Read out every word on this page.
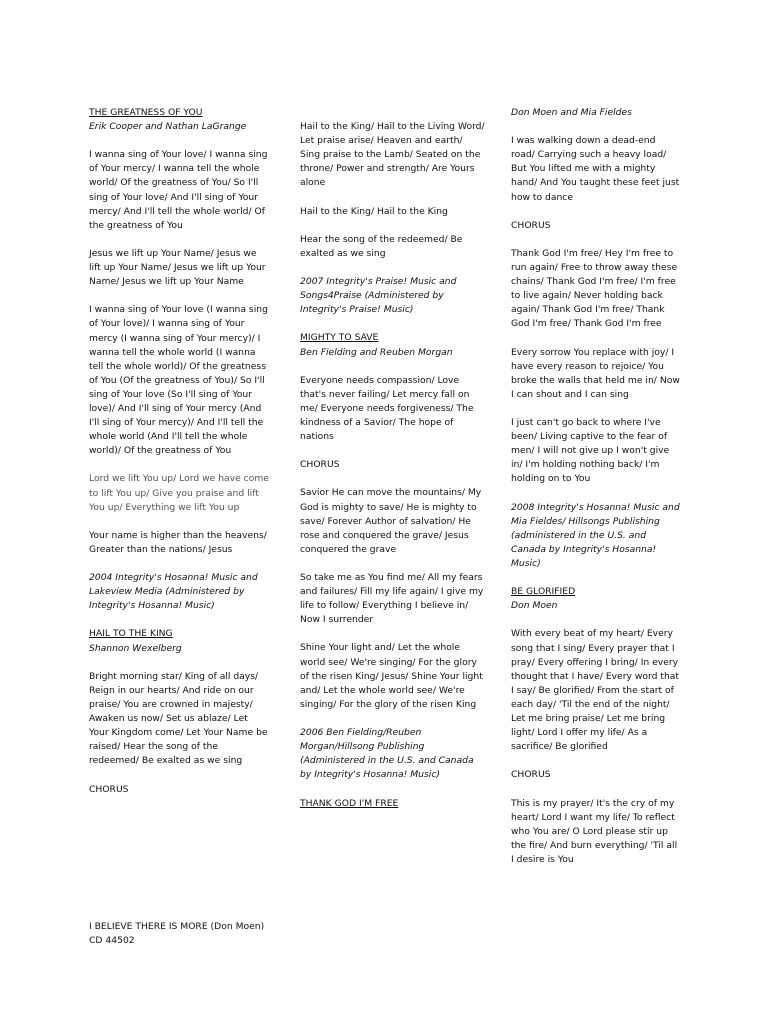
THE GREATNESS OF YOU

Erik Cooper and Nathan LaGrange

I wanna sing of Your love/ I wanna sing of Your mercy/ I wanna tell the whole world/ Of the greatness of You/ So I'll sing of Your love/ And I'll sing of Your mercy/ And I'll tell the whole world/ Of the greatness of You

Jesus we lift up Your Name/ Jesus we lift up Your Name/ Jesus we lift up Your Name/ Jesus we lift up Your Name

I wanna sing of Your love (I wanna sing of Your love)/ I wanna sing of Your mercy (I wanna sing of Your mercy)/ I wanna tell the whole world (I wanna tell the whole world)/ Of the greatness of You (Of the greatness of You)/ So I'll sing of Your love (So I'll sing of Your love)/ And I'll sing of Your mercy (And I'll sing of Your mercy)/ And I'll tell the whole world (And I'll tell the whole world)/ Of the greatness of You

Lord we lift You up/ Lord we have come to lift You up/ Give you praise and lift You up/ Everything we lift You up

Your name is higher than the heavens/ Greater than the nations/ Jesus

2004 Integrity's Hosanna! Music and Lakeview Media (Administered by Integrity's Hosanna! Music)

HAIL TO THE KING

Shannon Wexelberg

Bright morning star/ King of all days/ Reign in our hearts/ And ride on our praise/ You are crowned in majesty/ Awaken us now/ Set us ablaze/ Let Your Kingdom come/ Let Your Name be raised/ Hear the song of the redeemed/ Be exalted as we sing

CHORUS

Hail to the King/ Hail to the Living Word/ Let praise arise/ Heaven and earth/ Sing praise to the Lamb/ Seated on the throne/ Power and strength/ Are Yours alone

Hail to the King/ Hail to the King

Hear the song of the redeemed/ Be exalted as we sing

2007 Integrity's Praise! Music and Songs4Praise (Administered by Integrity's Praise! Music)

MIGHTY TO SAVE

Ben Fielding and Reuben Morgan

Everyone needs compassion/ Love that's never failing/ Let mercy fall on me/ Everyone needs forgiveness/ The kindness of a Savior/ The hope of nations

CHORUS

Savior He can move the mountains/ My God is mighty to save/ He is mighty to save/ Forever Author of salvation/ He rose and conquered the grave/ Jesus conquered the grave

So take me as You find me/ All my fears and failures/ Fill my life again/ I give my life to follow/ Everything I believe in/ Now I surrender

Shine Your light and/ Let the whole world see/ We're singing/ For the glory of the risen King/ Jesus/ Shine Your light and/ Let the whole world see/ We're singing/ For the glory of the risen King

2006 Ben Fielding/Reuben Morgan/Hillsong Publishing (Administered in the U.S. and Canada by Integrity's Hosanna! Music)

THANK GOD I'M FREE

Don Moen and Mia Fieldes

I was walking down a dead-end road/ Carrying such a heavy load/ But You lifted me with a mighty hand/ And You taught these feet just how to dance

CHORUS

Thank God I'm free/ Hey I'm free to run again/ Free to throw away these chains/ Thank God I'm free/ I'm free to live again/ Never holding back again/ Thank God I'm free/ Thank God I'm free/ Thank God I'm free

Every sorrow You replace with joy/ I have every reason to rejoice/ You broke the walls that held me in/ Now I can shout and I can sing

I just can't go back to where I've been/ Living captive to the fear of men/ I will not give up I won't give in/ I'm holding nothing back/ I'm holding on to You

2008 Integrity's Hosanna! Music and Mia Fieldes/ Hillsongs Publishing (administered in the U.S. and Canada by Integrity's Hosanna! Music)

BE GLORIFIED

Don Moen

With every beat of my heart/ Every song that I sing/ Every prayer that I pray/ Every offering I bring/ In every thought that I have/ Every word that I say/ Be glorified/ From the start of each day/ 'Til the end of the night/ Let me bring praise/ Let me bring light/ Lord I offer my life/ As a sacrifice/ Be glorified

CHORUS

This is my prayer/ It's the cry of my heart/ Lord I want my life/ To reflect who You are/ O Lord please stir up the fire/ And burn everything/ 'Til all I desire is You

I BELIEVE THERE IS MORE (Don Moen)
CD 44502
